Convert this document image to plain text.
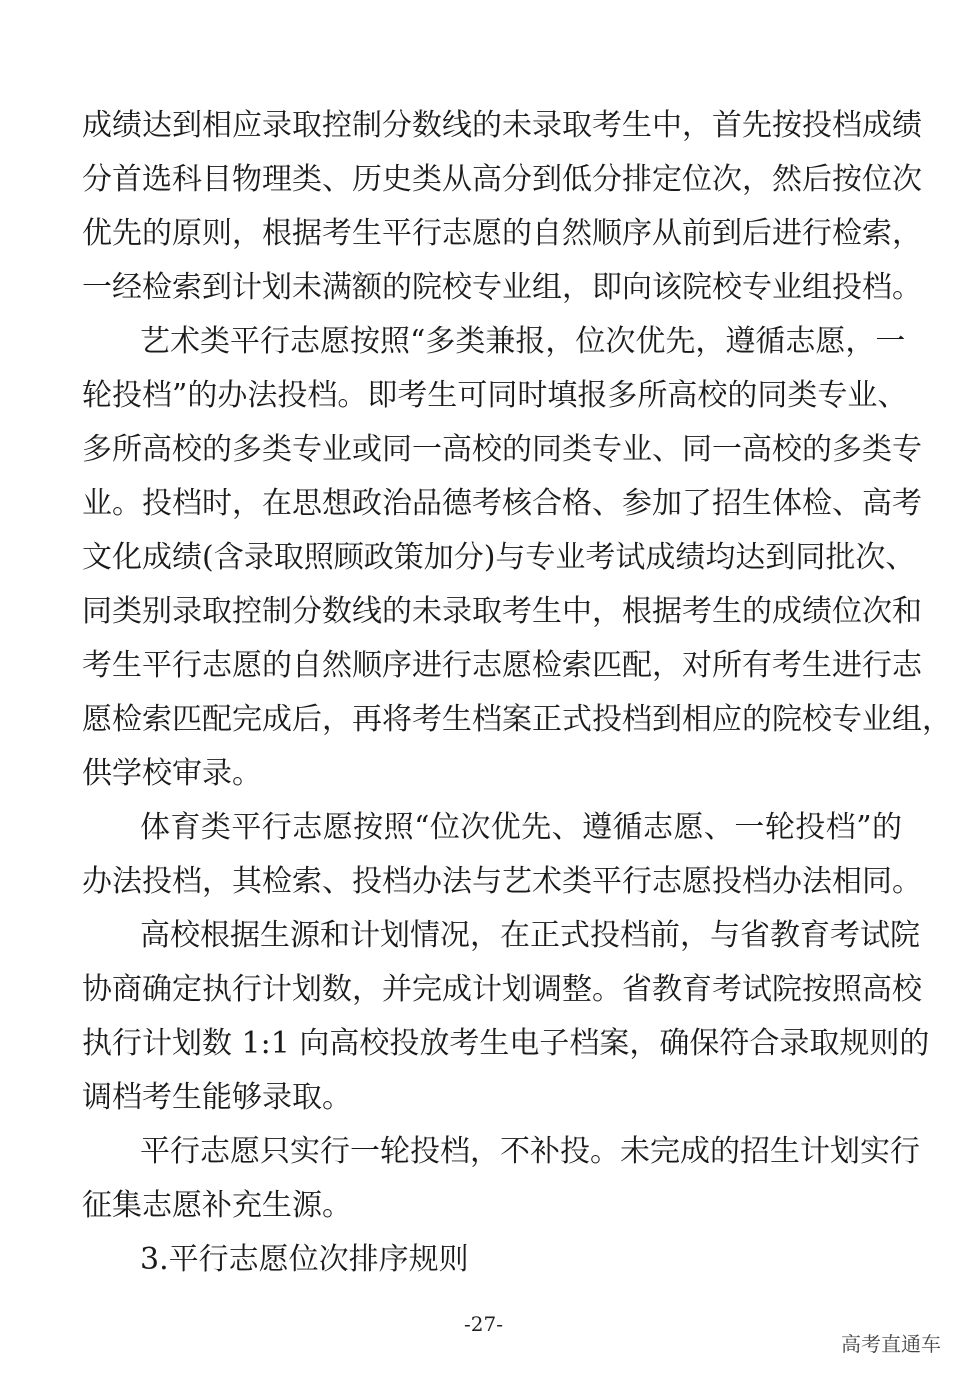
成绩达到相应录取控制分数线的未录取考生中，首先按投档成绩
分首选科目物理类、历史类从高分到低分排定位次，然后按位次
优先的原则，根据考生平行志愿的自然顺序从前到后进行检索，
一经检索到计划未满额的院校专业组，即向该院校专业组投档。
艺术类平行志愿按照“多类兼报，位次优先，遵循志愿，一
轮投档”的办法投档。即考生可同时填报多所高校的同类专业、
多所高校的多类专业或同一高校的同类专业、同一高校的多类专
业。投档时，在思想政治品德考核合格、参加了招生体检、高考
文化成绩(含录取照顾政策加分)与专业考试成绩均达到同批次、
同类别录取控制分数线的未录取考生中，根据考生的成绩位次和
考生平行志愿的自然顺序进行志愿检索匹配，对所有考生进行志
愿检索匹配完成后，再将考生档案正式投档到相应的院校专业组，
供学校审录。
体育类平行志愿按照“位次优先、遵循志愿、一轮投档”的
办法投档，其检索、投档办法与艺术类平行志愿投档办法相同。
高校根据生源和计划情况，在正式投档前，与省教育考试院
协商确定执行计划数，并完成计划调整。省教育考试院按照高校
执行计划数 1:1 向高校投放考生电子档案，确保符合录取规则的
调档考生能够录取。
平行志愿只实行一轮投档，不补投。未完成的招生计划实行
征集志愿补充生源。
3.平行志愿位次排序规则
-27-
高考直通车
